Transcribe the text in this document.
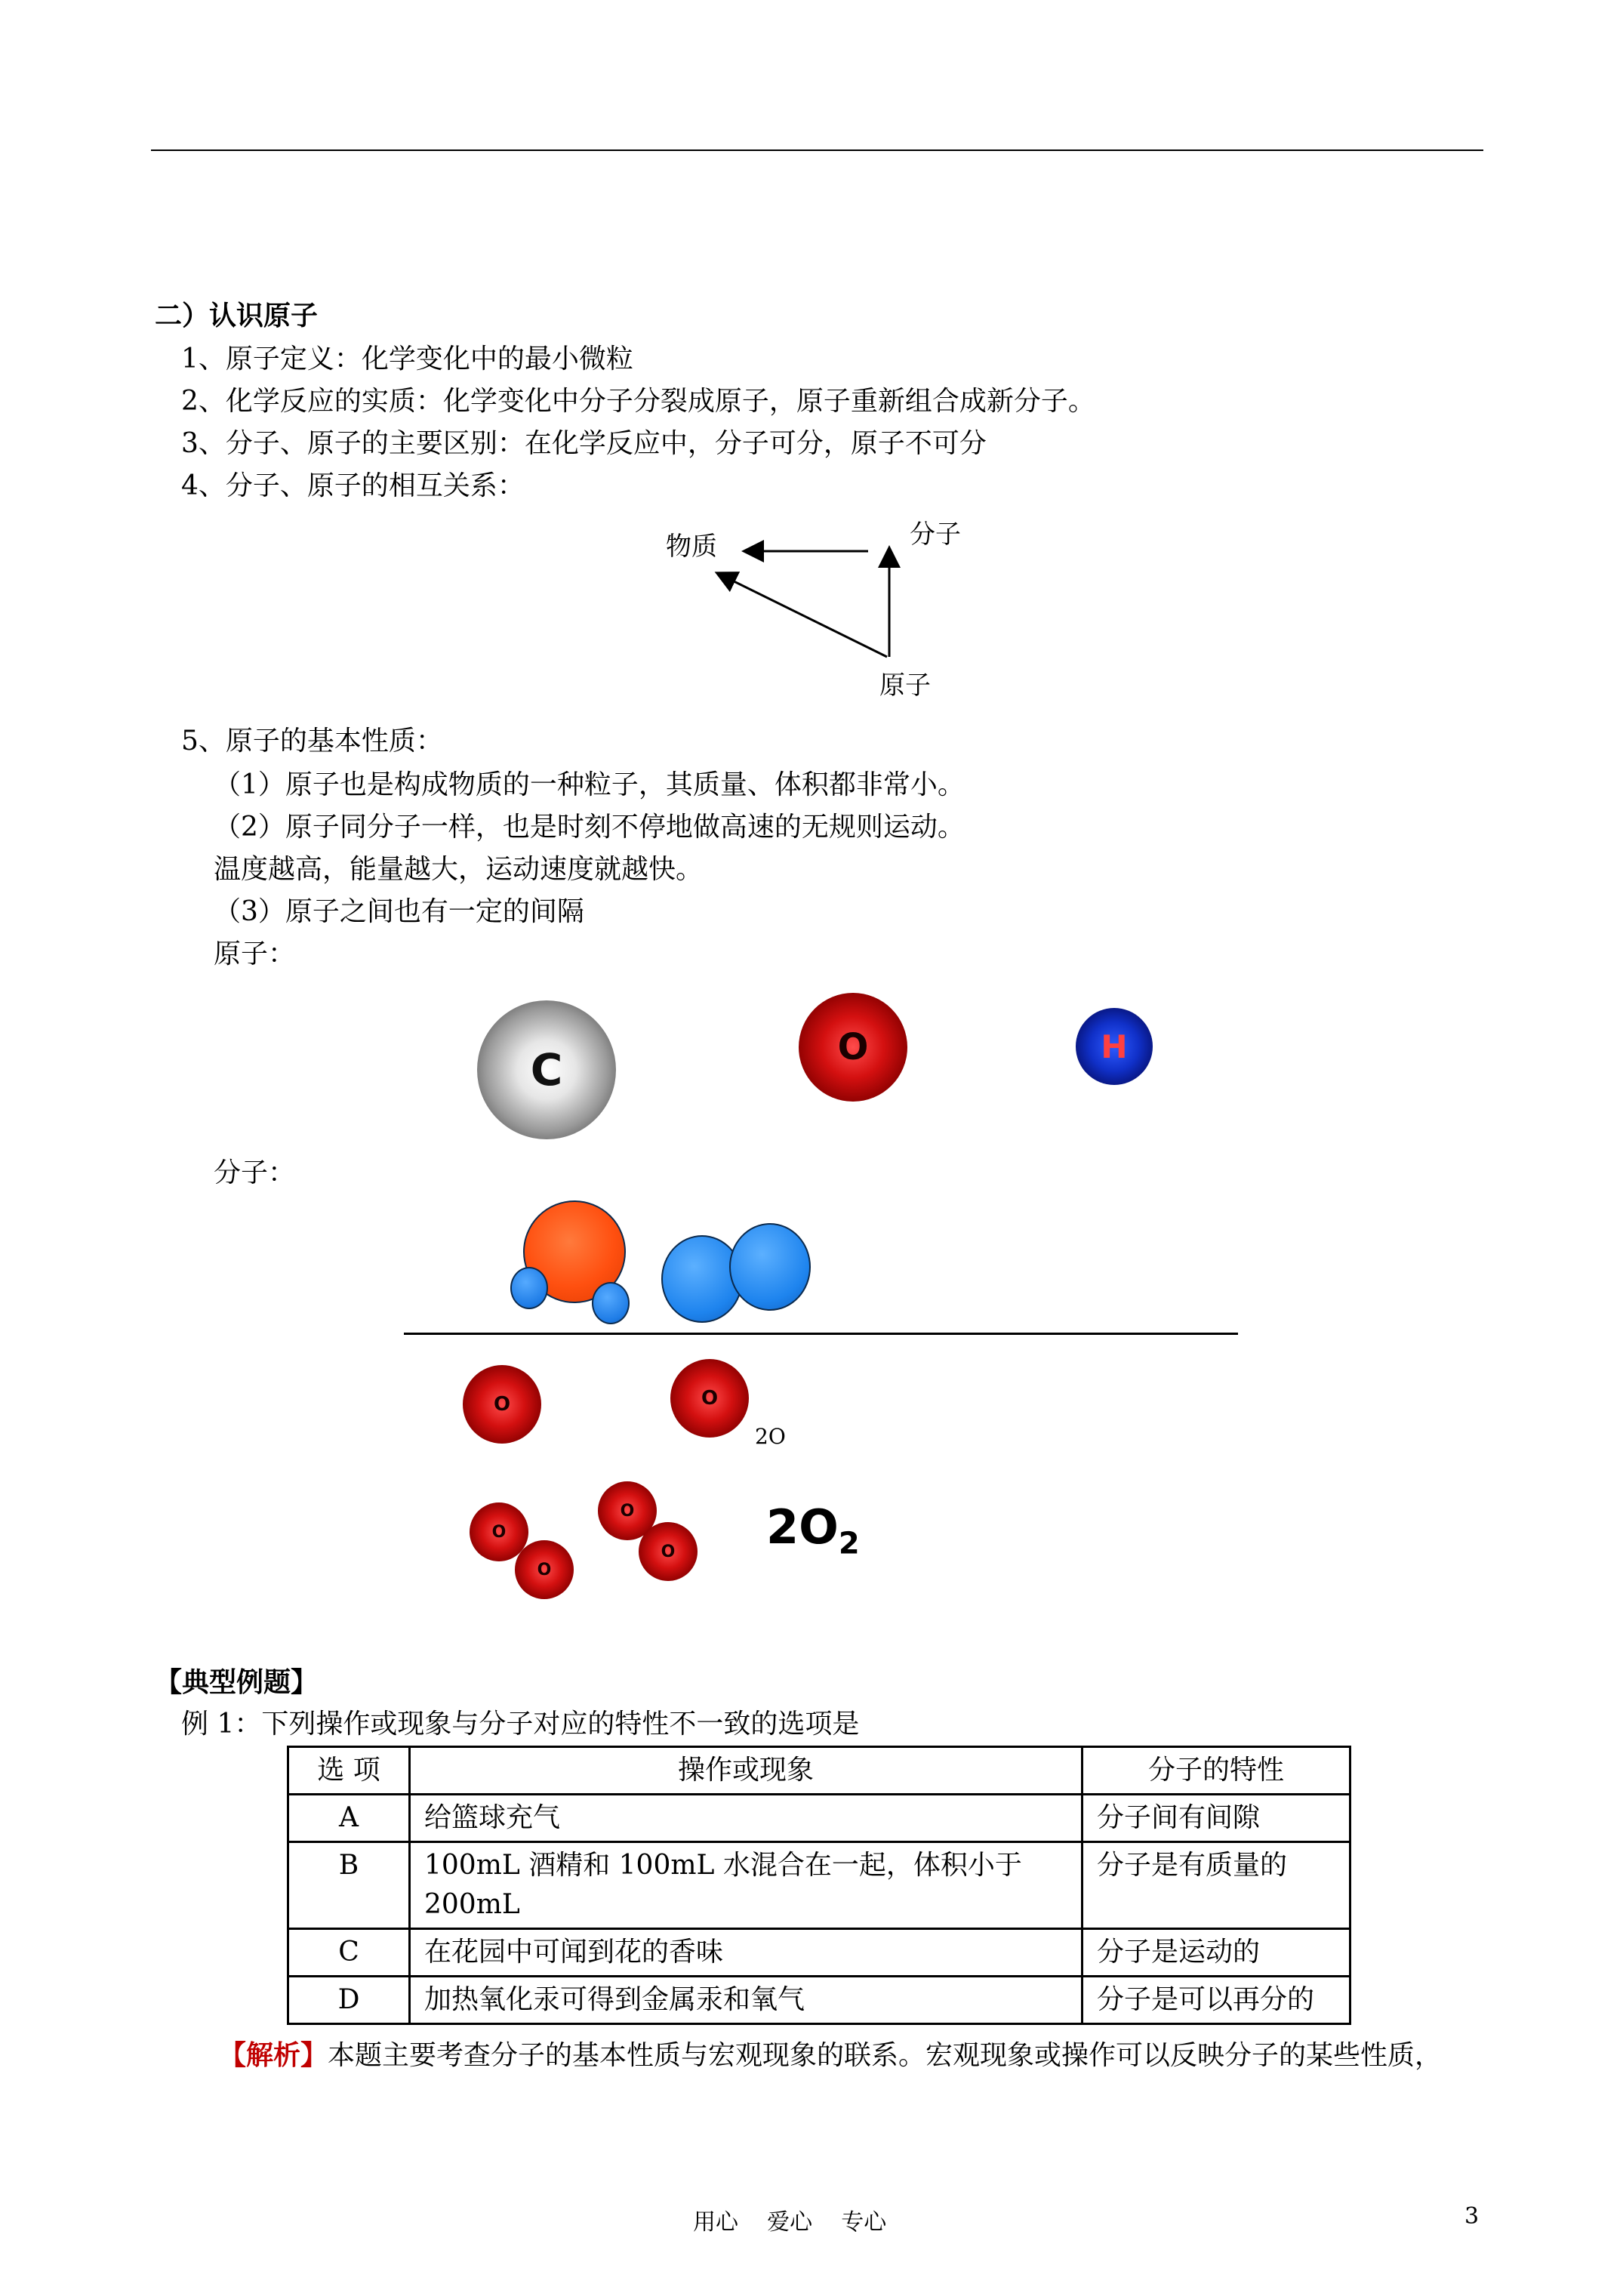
二）认识原子
1、原子定义：化学变化中的最小微粒
2、化学反应的实质：化学变化中分子分裂成原子，原子重新组合成新分子。
3、分子、原子的主要区别：在化学反应中，分子可分，原子不可分
4、分子、原子的相互关系：
物质	分子
原子
5、原子的基本性质：
（1）原子也是构成物质的一种粒子，其质量、体积都非常小。
（2）原子同分子一样，也是时刻不停地做高速的无规则运动。
温度越高，能量越大，运动速度就越快。
（3）原子之间也有一定的间隔
原子：
C	O	H
分子：
O	O
2O
O
O
O
O $2O_2$
【典型例题】
例 1：下列操作或现象与分子对应的特性不一致的选项是
选 项	操作或现象	分子的特性
A	给篮球充气	分子间有间隙
B	100mL 酒精和 100mL 水混合在一起，体积小于200mL	分子是有质量的
C	在花园中可闻到花的香味	分子是运动的
D	加热氧化汞可得到金属汞和氧气	分子是可以再分的
【解析】本题主要考查分子的基本性质与宏观现象的联系。宏观现象或操作可以反映分子的某些性质，
用心    爱心    专心	3
